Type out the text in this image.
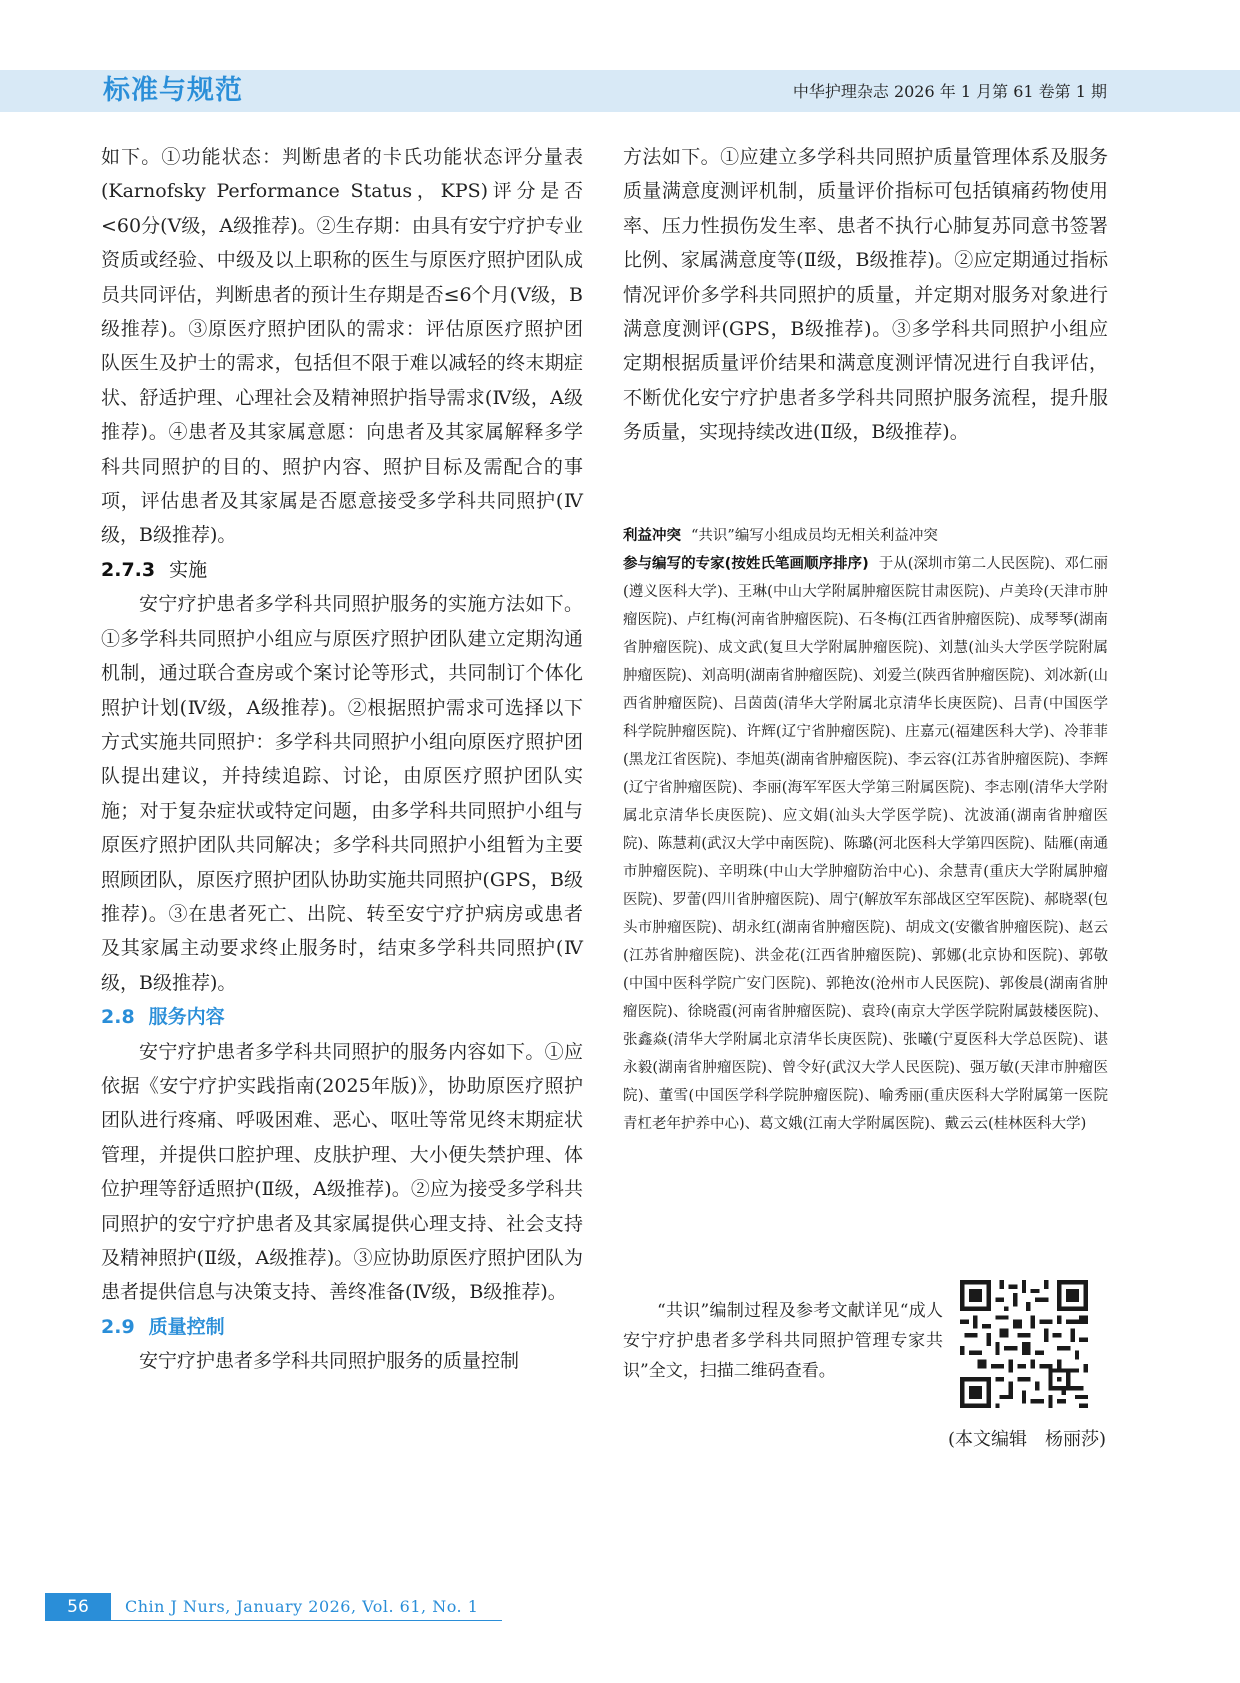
标准与规范	中华护理杂志 2026 年 1 月第 61 卷第 1 期

如下。①功能状态：判断患者的卡氏功能状态评分量表(Karnofsky Performance Status，KPS)评分是否<60分(Ⅴ级，A级推荐)。②生存期：由具有安宁疗护专业资质或经验、中级及以上职称的医生与原医疗照护团队成员共同评估，判断患者的预计生存期是否≤6个月(Ⅴ级，B级推荐)。③原医疗照护团队的需求：评估原医疗照护团队医生及护士的需求，包括但不限于难以减轻的终末期症状、舒适护理、心理社会及精神照护指导需求(Ⅳ级，A级推荐)。④患者及其家属意愿：向患者及其家属解释多学科共同照护的目的、照护内容、照护目标及需配合的事项，评估患者及其家属是否愿意接受多学科共同照护(Ⅳ级，B级推荐)。

2.7.3 实施

安宁疗护患者多学科共同照护服务的实施方法如下。①多学科共同照护小组应与原医疗照护团队建立定期沟通机制，通过联合查房或个案讨论等形式，共同制订个体化照护计划(Ⅳ级，A级推荐)。②根据照护需求可选择以下方式实施共同照护：多学科共同照护小组向原医疗照护团队提出建议，并持续追踪、讨论，由原医疗照护团队实施；对于复杂症状或特定问题，由多学科共同照护小组与原医疗照护团队共同解决；多学科共同照护小组暂为主要照顾团队，原医疗照护团队协助实施共同照护(GPS，B级推荐)。③在患者死亡、出院、转至安宁疗护病房或患者及其家属主动要求终止服务时，结束多学科共同照护(Ⅳ级，B级推荐)。

2.8 服务内容

安宁疗护患者多学科共同照护的服务内容如下。①应依据《安宁疗护实践指南(2025年版)》，协助原医疗照护团队进行疼痛、呼吸困难、恶心、呕吐等常见终末期症状管理，并提供口腔护理、皮肤护理、大小便失禁护理、体位护理等舒适照护(Ⅱ级，A级推荐)。②应为接受多学科共同照护的安宁疗护患者及其家属提供心理支持、社会支持及精神照护(Ⅱ级，A级推荐)。③应协助原医疗照护团队为患者提供信息与决策支持、善终准备(Ⅳ级，B级推荐)。

2.9 质量控制

安宁疗护患者多学科共同照护服务的质量控制

方法如下。①应建立多学科共同照护质量管理体系及服务质量满意度测评机制，质量评价指标可包括镇痛药物使用率、压力性损伤发生率、患者不执行心肺复苏同意书签署比例、家属满意度等(Ⅱ级，B级推荐)。②应定期通过指标情况评价多学科共同照护的质量，并定期对服务对象进行满意度测评(GPS，B级推荐)。③多学科共同照护小组应定期根据质量评价结果和满意度测评情况进行自我评估，不断优化安宁疗护患者多学科共同照护服务流程，提升服务质量，实现持续改进(Ⅱ级，B级推荐)。

利益冲突 “共识”编写小组成员均无相关利益冲突

参与编写的专家(按姓氏笔画顺序排序) 于从(深圳市第二人民医院)、邓仁丽(遵义医科大学)、王琳(中山大学附属肿瘤医院甘肃医院)、卢美玲(天津市肿瘤医院)、卢红梅(河南省肿瘤医院)、石冬梅(江西省肿瘤医院)、成琴琴(湖南省肿瘤医院)、成文武(复旦大学附属肿瘤医院)、刘慧(汕头大学医学院附属肿瘤医院)、刘高明(湖南省肿瘤医院)、刘爱兰(陕西省肿瘤医院)、刘冰新(山西省肿瘤医院)、吕茵茵(清华大学附属北京清华长庚医院)、吕青(中国医学科学院肿瘤医院)、许辉(辽宁省肿瘤医院)、庄嘉元(福建医科大学)、冷菲菲(黑龙江省医院)、李旭英(湖南省肿瘤医院)、李云容(江苏省肿瘤医院)、李辉(辽宁省肿瘤医院)、李丽(海军军医大学第三附属医院)、李志刚(清华大学附属北京清华长庚医院)、应文娟(汕头大学医学院)、沈波涌(湖南省肿瘤医院)、陈慧莉(武汉大学中南医院)、陈璐(河北医科大学第四医院)、陆雁(南通市肿瘤医院)、辛明珠(中山大学肿瘤防治中心)、余慧青(重庆大学附属肿瘤医院)、罗蕾(四川省肿瘤医院)、周宁(解放军东部战区空军医院)、郝晓翠(包头市肿瘤医院)、胡永红(湖南省肿瘤医院)、胡成文(安徽省肿瘤医院)、赵云(江苏省肿瘤医院)、洪金花(江西省肿瘤医院)、郭娜(北京协和医院)、郭敬(中国中医科学院广安门医院)、郭艳汝(沧州市人民医院)、郭俊晨(湖南省肿瘤医院)、徐晓霞(河南省肿瘤医院)、袁玲(南京大学医学院附属鼓楼医院)、张鑫焱(清华大学附属北京清华长庚医院)、张曦(宁夏医科大学总医院)、谌永毅(湖南省肿瘤医院)、曾令好(武汉大学人民医院)、强万敏(天津市肿瘤医院)、董雪(中国医学科学院肿瘤医院)、喻秀丽(重庆医科大学附属第一医院青杠老年护养中心)、葛文娥(江南大学附属医院)、戴云云(桂林医科大学)

“共识”编制过程及参考文献详见“成人安宁疗护患者多学科共同照护管理专家共识”全文，扫描二维码查看。

(本文编辑　杨丽莎)
56	Chin J Nurs, January 2026, Vol. 61, No. 1
